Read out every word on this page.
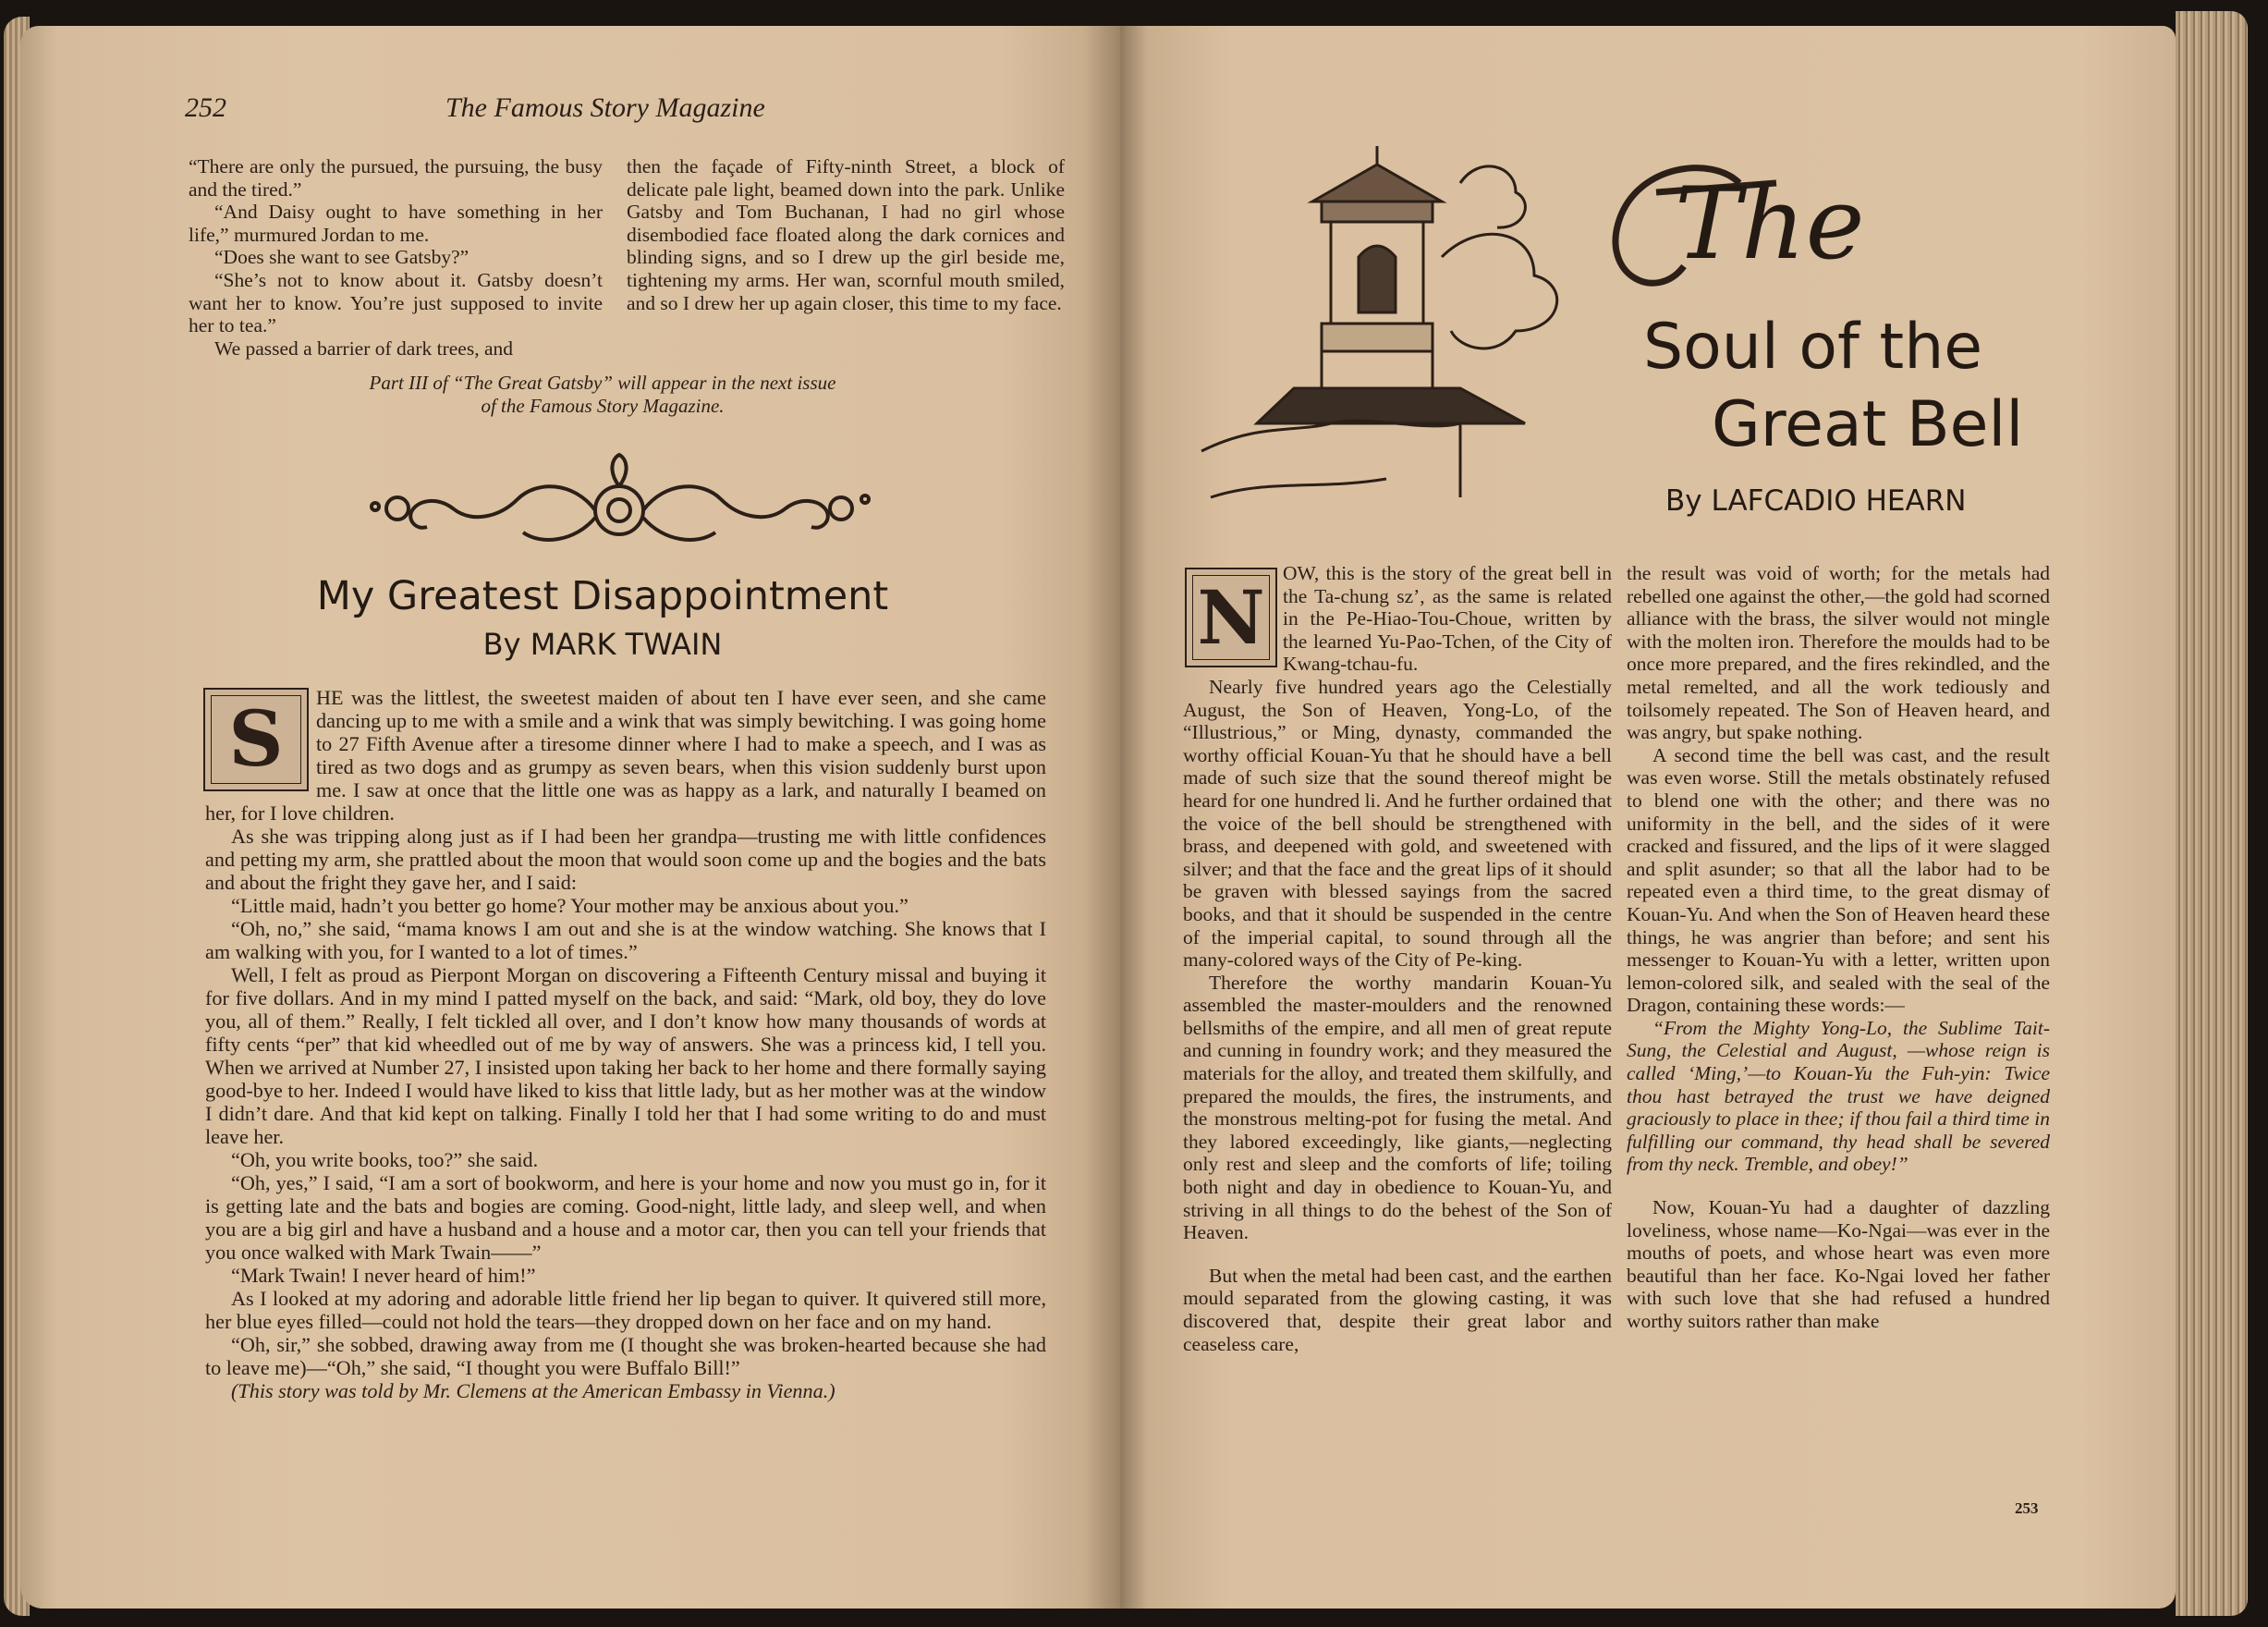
252	The Famous Story Magazine

“There are only the pursued, the pursuing, the busy and the tired.”

“And Daisy ought to have something in her life,” murmured Jordan to me.

“Does she want to see Gatsby?”

“She’s not to know about it. Gatsby doesn’t want her to know. You’re just supposed to invite her to tea.”

We passed a barrier of dark trees, and

then the façade of Fifty-ninth Street, a block of delicate pale light, beamed down into the park. Unlike Gatsby and Tom Buchanan, I had no girl whose disembodied face floated along the dark cornices and blinding signs, and so I drew up the girl beside me, tightening my arms. Her wan, scornful mouth smiled, and so I drew her up again closer, this time to my face.

Part III of “The Great Gatsby” will appear in the next issue
of the Famous Story Magazine.
My Greatest Disappointment
By MARK TWAIN
S	HE was the littlest, the sweetest maiden of about ten I have ever seen, and she came dancing up to me with a smile and a wink that was simply bewitching. I was going home to 27 Fifth Avenue after a tiresome dinner where I had to make a speech, and I was as tired as two dogs and as grumpy as seven bears, when this vision suddenly burst upon me. I saw at once that the little one was as happy as a lark, and naturally I beamed on her, for I love children.

As she was tripping along just as if I had been her grandpa—trusting me with little confidences and petting my arm, she prattled about the moon that would soon come up and the bogies and the bats and about the fright they gave her, and I said:

“Little maid, hadn’t you better go home? Your mother may be anxious about you.”

“Oh, no,” she said, “mama knows I am out and she is at the window watching. She knows that I am walking with you, for I wanted to a lot of times.”

Well, I felt as proud as Pierpont Morgan on discovering a Fifteenth Century missal and buying it for five dollars. And in my mind I patted myself on the back, and said: “Mark, old boy, they do love you, all of them.” Really, I felt tickled all over, and I don’t know how many thousands of words at fifty cents “per” that kid wheedled out of me by way of answers. She was a princess kid, I tell you. When we arrived at Number 27, I insisted upon taking her back to her home and there formally saying good-bye to her. Indeed I would have liked to kiss that little lady, but as her mother was at the window I didn’t dare. And that kid kept on talking. Finally I told her that I had some writing to do and must leave her.

“Oh, you write books, too?” she said.

“Oh, yes,” I said, “I am a sort of bookworm, and here is your home and now you must go in, for it is getting late and the bats and bogies are coming. Good-night, little lady, and sleep well, and when you are a big girl and have a husband and a house and a motor car, then you can tell your friends that you once walked with Mark Twain——”

“Mark Twain! I never heard of him!”

As I looked at my adoring and adorable little friend her lip began to quiver. It quivered still more, her blue eyes filled—could not hold the tears—they dropped down on her face and on my hand.

“Oh, sir,” she sobbed, drawing away from me (I thought she was broken-hearted because she had to leave me)—“Oh,” she said, “I thought you were Buffalo Bill!”

(This story was told by Mr. Clemens at the American Embassy in Vienna.)

The
Soul of the
Great Bell
By LAFCADIO HEARN
N

OW, this is the story of the great bell in the Ta-chung sz’, as the same is related in the Pe-Hiao-Tou-Choue, written by the learned Yu-Pao-Tchen, of the City of Kwang-tchau-fu.

Nearly five hundred years ago the Celestially August, the Son of Heaven, Yong-Lo, of the “Illustrious,” or Ming, dynasty, commanded the worthy official Kouan-Yu that he should have a bell made of such size that the sound thereof might be heard for one hundred li. And he further ordained that the voice of the bell should be strengthened with brass, and deepened with gold, and sweetened with silver; and that the face and the great lips of it should be graven with blessed sayings from the sacred books, and that it should be suspended in the centre of the imperial capital, to sound through all the many-colored ways of the City of Pe-king.

Therefore the worthy mandarin Kouan-Yu assembled the master-moulders and the renowned bellsmiths of the empire, and all men of great repute and cunning in foundry work; and they measured the materials for the alloy, and treated them skilfully, and prepared the moulds, the fires, the instruments, and the monstrous melting-pot for fusing the metal. And they labored exceedingly, like giants,—neglecting only rest and sleep and the comforts of life; toiling both night and day in obedience to Kouan-Yu, and striving in all things to do the behest of the Son of Heaven.

But when the metal had been cast, and the earthen mould separated from the glowing casting, it was discovered that, despite their great labor and ceaseless care,

the result was void of worth; for the metals had rebelled one against the other,—the gold had scorned alliance with the brass, the silver would not mingle with the molten iron. Therefore the moulds had to be once more prepared, and the fires rekindled, and the metal remelted, and all the work tediously and toilsomely repeated. The Son of Heaven heard, and was angry, but spake nothing.

A second time the bell was cast, and the result was even worse. Still the metals obstinately refused to blend one with the other; and there was no uniformity in the bell, and the sides of it were cracked and fissured, and the lips of it were slagged and split asunder; so that all the labor had to be repeated even a third time, to the great dismay of Kouan-Yu. And when the Son of Heaven heard these things, he was angrier than before; and sent his messenger to Kouan-Yu with a letter, written upon lemon-colored silk, and sealed with the seal of the Dragon, containing these words:—

“From the Mighty Yong-Lo, the Sublime Tait-Sung, the Celestial and August, —whose reign is called ‘Ming,’—to Kouan-Yu the Fuh-yin: Twice thou hast betrayed the trust we have deigned graciously to place in thee; if thou fail a third time in fulfilling our command, thy head shall be severed from thy neck. Tremble, and obey!”

Now, Kouan-Yu had a daughter of dazzling loveliness, whose name—Ko-Ngai—was ever in the mouths of poets, and whose heart was even more beautiful than her face. Ko-Ngai loved her father with such love that she had refused a hundred worthy suitors rather than make

253
